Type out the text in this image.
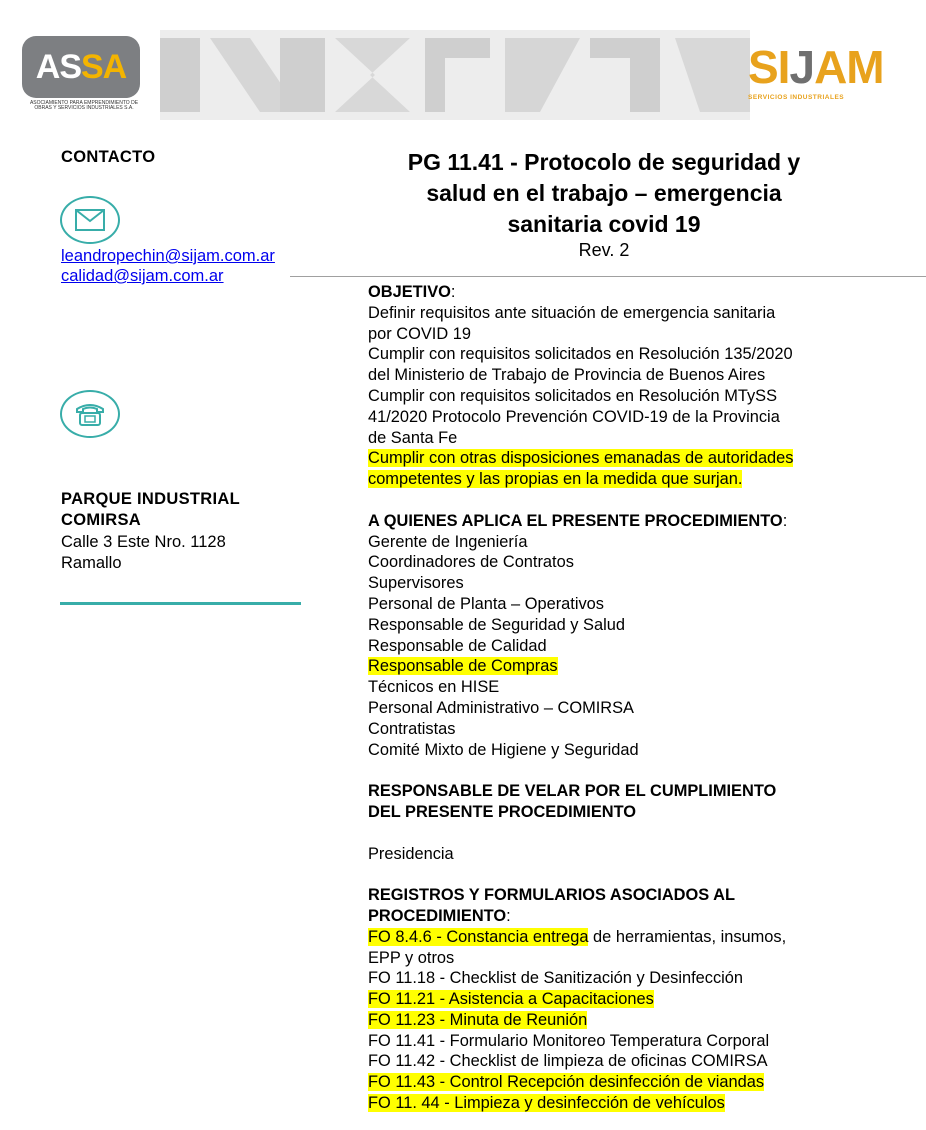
ASSA
ASOCIAMIENTO PARA EMPRENDIMIENTO DE OBRAS Y SERVICIOS INDUSTRIALES S.A.
SIJAM
SERVICIOS INDUSTRIALES
CONTACTO
leandropechin@sijam.com.ar
calidad@sijam.com.ar
PARQUE INDUSTRIAL
COMIRSA
Calle 3 Este Nro. 1128
Ramallo
PG 11.41 - Protocolo de seguridad y
salud en el trabajo – emergencia
sanitaria covid 19
Rev. 2
OBJETIVO:
Definir requisitos ante situación de emergencia sanitaria
por COVID 19
Cumplir con requisitos solicitados en Resolución 135/2020
del Ministerio de Trabajo de Provincia de Buenos Aires
Cumplir con requisitos solicitados en Resolución MTySS
41/2020 Protocolo Prevención COVID-19 de la Provincia
de Santa Fe
Cumplir con otras disposiciones emanadas de autoridades
competentes y las propias en la medida que surjan.
A QUIENES APLICA EL PRESENTE PROCEDIMIENTO:
Gerente de Ingeniería
Coordinadores de Contratos
Supervisores
Personal de Planta – Operativos
Responsable de Seguridad y Salud
Responsable de Calidad
Responsable de Compras
Técnicos en HISE
Personal Administrativo – COMIRSA
Contratistas
Comité Mixto de Higiene y Seguridad
RESPONSABLE DE VELAR POR EL CUMPLIMIENTO
DEL PRESENTE PROCEDIMIENTO
Presidencia
REGISTROS Y FORMULARIOS ASOCIADOS AL
PROCEDIMIENTO:
FO 8.4.6 - Constancia entrega de herramientas, insumos,
EPP y otros
FO 11.18 - Checklist de Sanitización y Desinfección
FO 11.21 - Asistencia a Capacitaciones
FO 11.23 - Minuta de Reunión
FO 11.41 - Formulario Monitoreo Temperatura Corporal
FO 11.42 - Checklist de limpieza de oficinas COMIRSA
FO 11.43 - Control Recepción desinfección de viandas
FO 11. 44 - Limpieza y desinfección de vehículos
